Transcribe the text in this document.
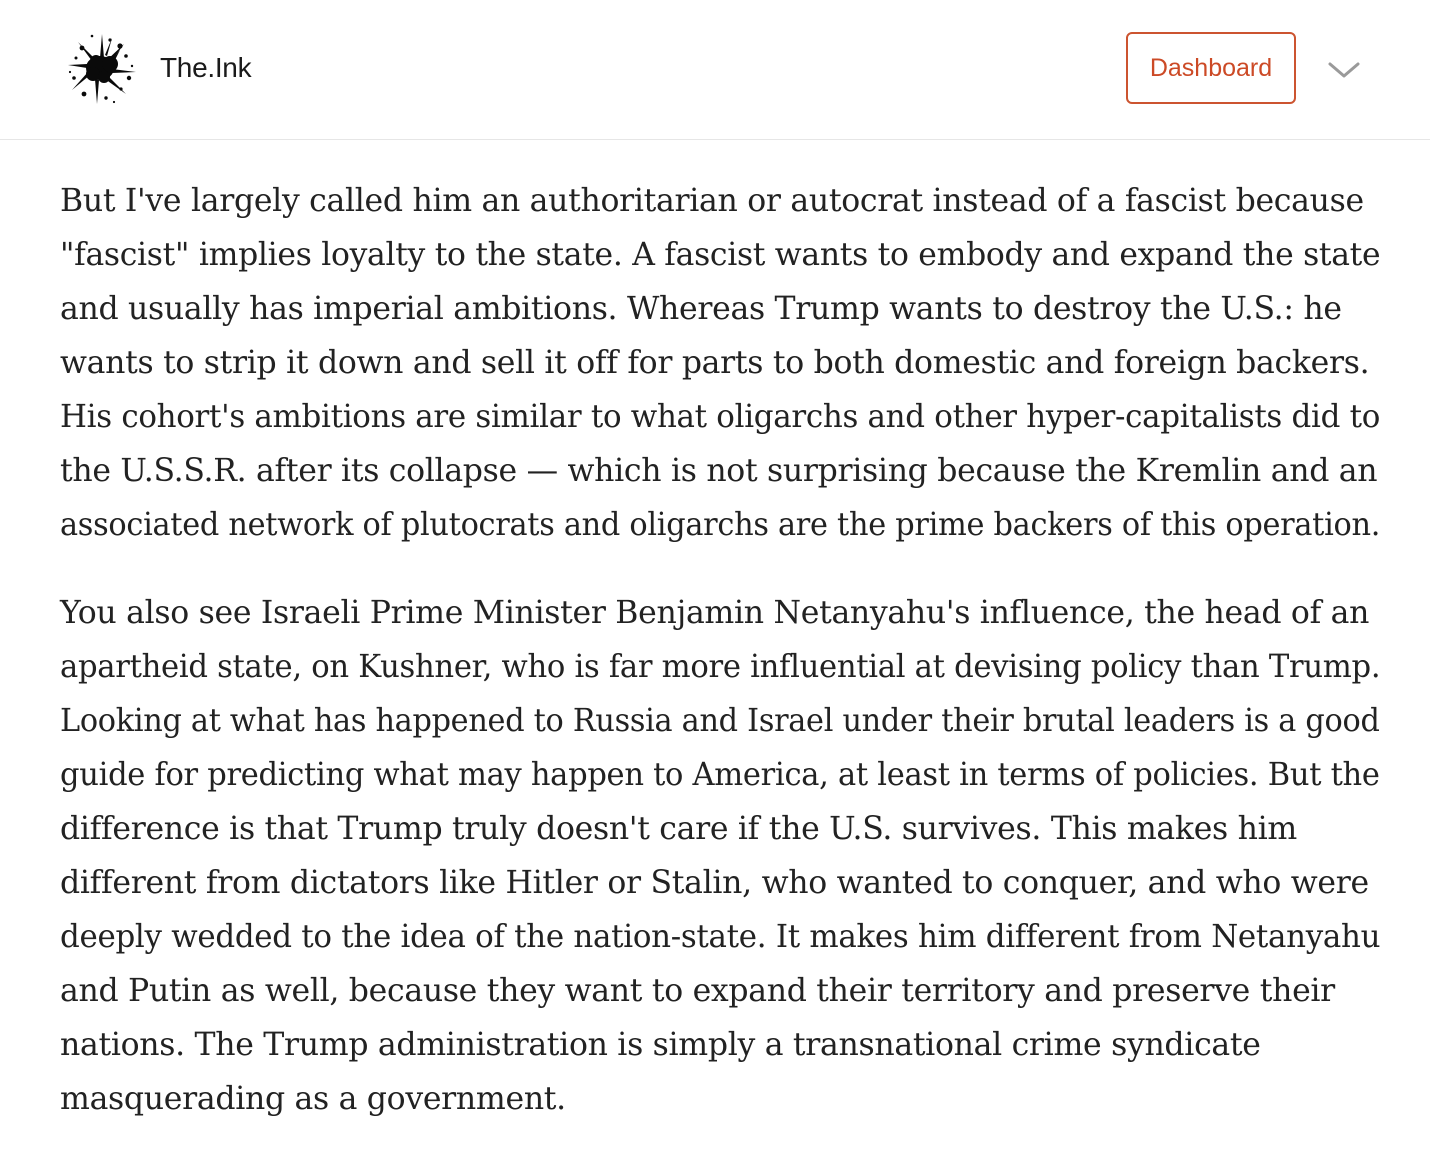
The.Ink	Dashboard

But I've largely called him an authoritarian or autocrat instead of a fascist because
"fascist" implies loyalty to the state. A fascist wants to embody and expand the state
and usually has imperial ambitions. Whereas Trump wants to destroy the U.S.: he
wants to strip it down and sell it off for parts to both domestic and foreign backers.
His cohort's ambitions are similar to what oligarchs and other hyper-capitalists did to
the U.S.S.R. after its collapse — which is not surprising because the Kremlin and an
associated network of plutocrats and oligarchs are the prime backers of this operation.

You also see Israeli Prime Minister Benjamin Netanyahu's influence, the head of an
apartheid state, on Kushner, who is far more influential at devising policy than Trump.
Looking at what has happened to Russia and Israel under their brutal leaders is a good
guide for predicting what may happen to America, at least in terms of policies. But the
difference is that Trump truly doesn't care if the U.S. survives. This makes him
different from dictators like Hitler or Stalin, who wanted to conquer, and who were
deeply wedded to the idea of the nation-state. It makes him different from Netanyahu
and Putin as well, because they want to expand their territory and preserve their
nations. The Trump administration is simply a transnational crime syndicate
masquerading as a government.
